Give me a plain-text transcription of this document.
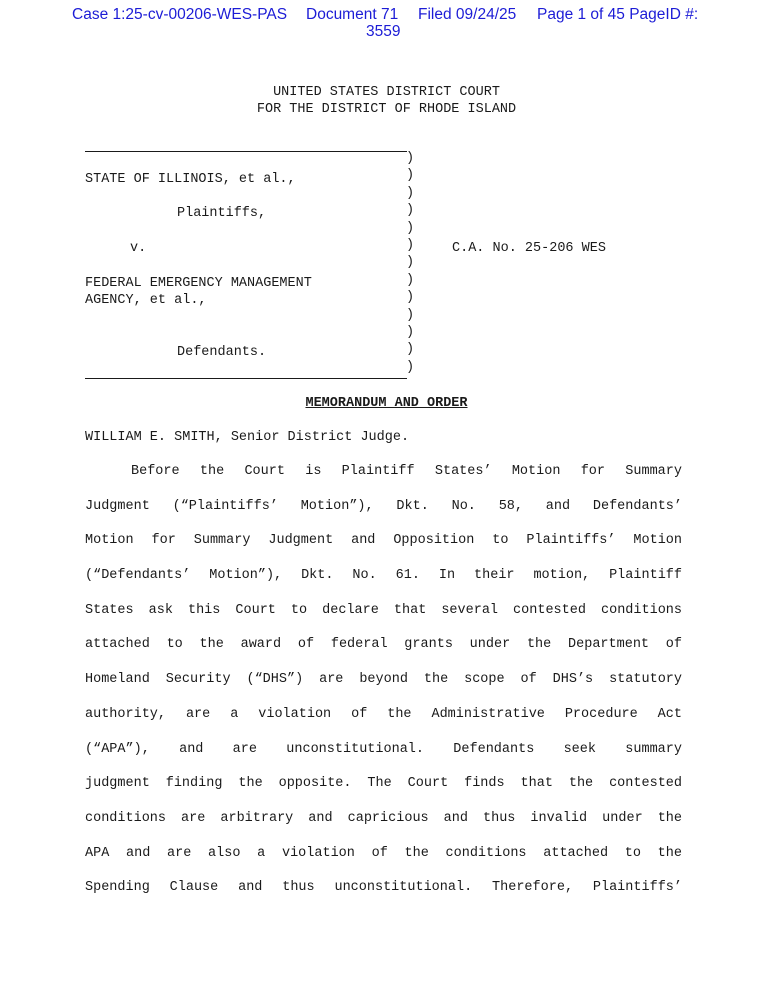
Case 1:25-cv-00206-WES-PAS Document 71 Filed 09/24/25 Page 1 of 45 PageID #:
3559
UNITED STATES DISTRICT COURT
FOR THE DISTRICT OF RHODE ISLAND
STATE OF ILLINOIS, et al.,
Plaintiffs,
v.	C.A. No. 25-206 WES
FEDERAL EMERGENCY MANAGEMENT
AGENCY, et al.,
Defendants.
)
)
)
)
)
)
)
)
)
)
)
)
)
MEMORANDUM AND ORDER
WILLIAM E. SMITH, Senior District Judge.
Before the Court is Plaintiff States’ Motion for Summary
Judgment (“Plaintiffs’ Motion”), Dkt. No. 58, and Defendants’
Motion for Summary Judgment and Opposition to Plaintiffs’ Motion
(“Defendants’ Motion”), Dkt. No. 61. In their motion, Plaintiff
States ask this Court to declare that several contested conditions
attached to the award of federal grants under the Department of
Homeland Security (“DHS”) are beyond the scope of DHS’s statutory
authority, are a violation of the Administrative Procedure Act
(“APA”), and are unconstitutional. Defendants seek summary
judgment finding the opposite. The Court finds that the contested
conditions are arbitrary and capricious and thus invalid under the
APA and are also a violation of the conditions attached to the
Spending Clause and thus unconstitutional. Therefore, Plaintiffs’
